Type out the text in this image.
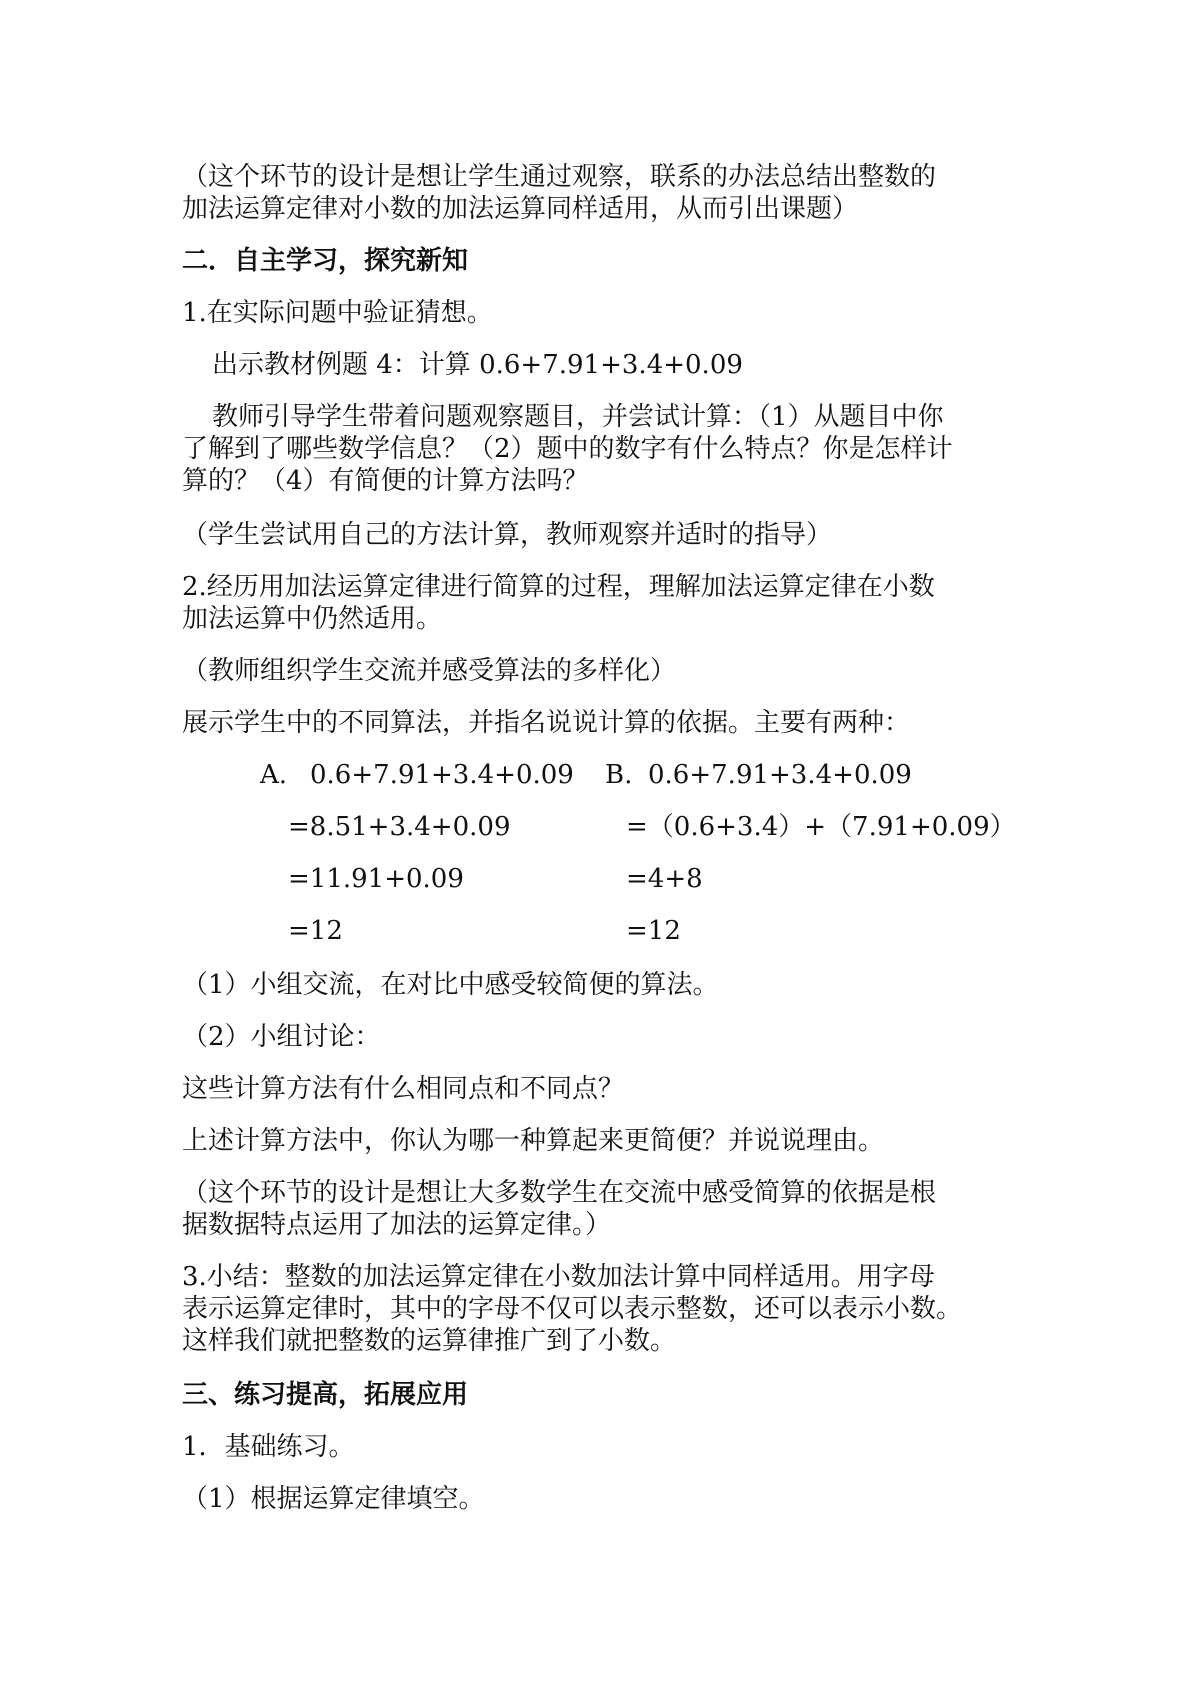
（这个环节的设计是想让学生通过观察，联系的办法总结出整数的
加法运算定律对小数的加法运算同样适用，从而引出课题）
二．自主学习，探究新知
1.在实际问题中验证猜想。
出示教材例题 4：计算 0.6+7.91+3.4+0.09
教师引导学生带着问题观察题目，并尝试计算：（1）从题目中你
了解到了哪些数学信息？（2）题中的数字有什么特点？你是怎样计
算的？（4）有简便的计算方法吗？
（学生尝试用自己的方法计算，教师观察并适时的指导）
2.经历用加法运算定律进行简算的过程，理解加法运算定律在小数
加法运算中仍然适用。
（教师组织学生交流并感受算法的多样化）
展示学生中的不同算法，并指名说说计算的依据。主要有两种：
A. 0.6+7.91+3.4+0.09
=8.51+3.4+0.09
=11.91+0.09
=12
B. 0.6+7.91+3.4+0.09
=（0.6+3.4）+（7.91+0.09）
=4+8
=12
（1）小组交流，在对比中感受较简便的算法。
（2）小组讨论：
这些计算方法有什么相同点和不同点？
上述计算方法中，你认为哪一种算起来更简便？并说说理由。
（这个环节的设计是想让大多数学生在交流中感受简算的依据是根
据数据特点运用了加法的运算定律。）
3.小结：整数的加法运算定律在小数加法计算中同样适用。用字母
表示运算定律时，其中的字母不仅可以表示整数，还可以表示小数。
这样我们就把整数的运算律推广到了小数。
三、练习提高，拓展应用
1．基础练习。
（1）根据运算定律填空。
